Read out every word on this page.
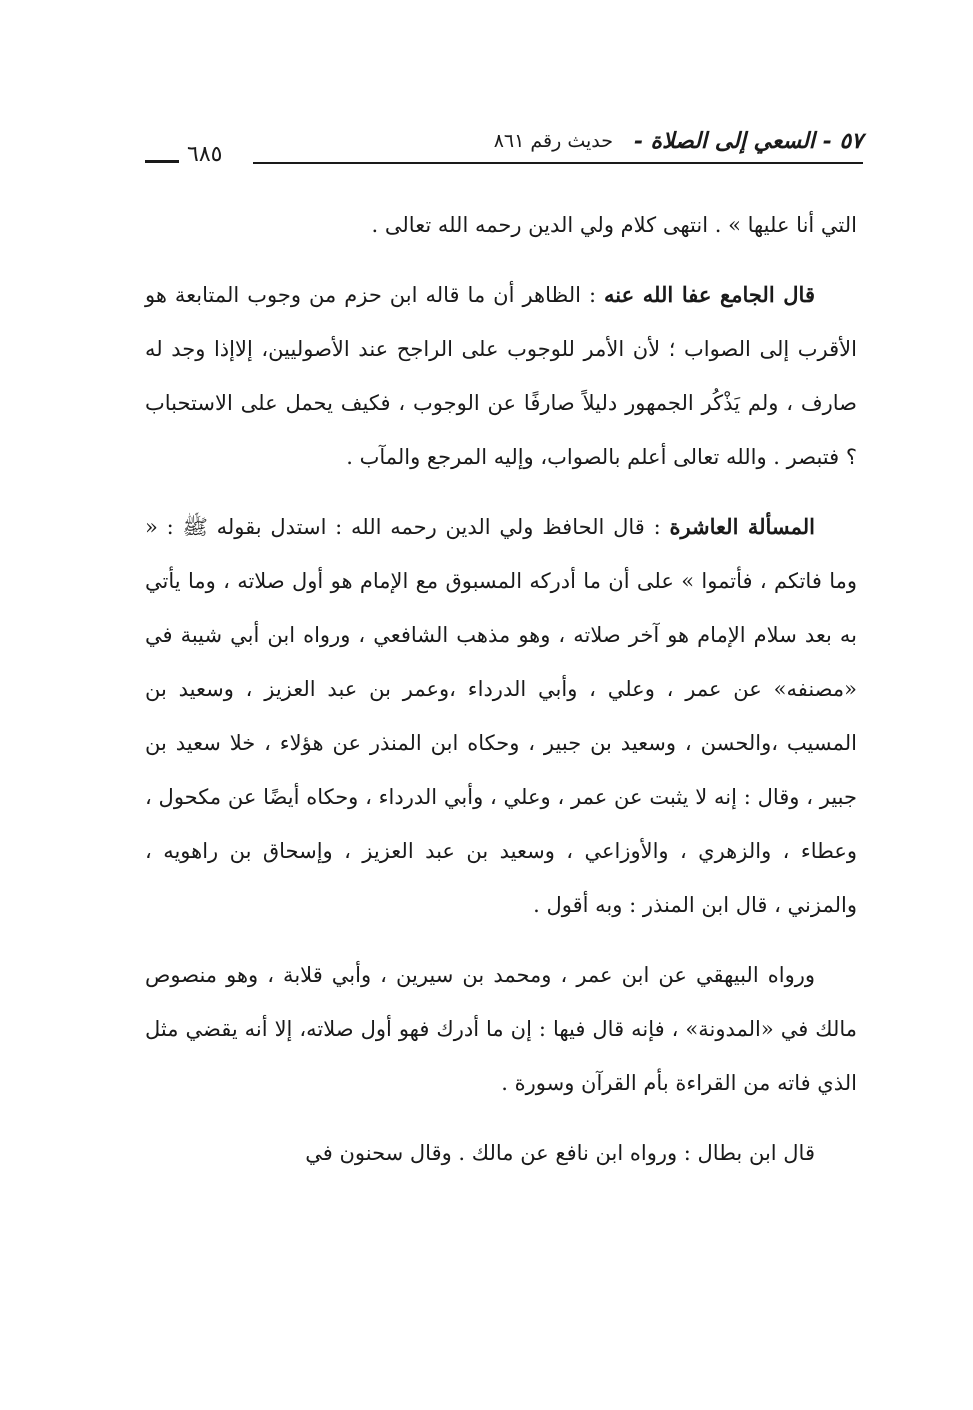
٥٧ - السعي إلى الصلاة -
حديث رقم ٨٦١
٦٨٥

التي أنا عليها » . انتهى كلام ولي الدين رحمه الله تعالى .

قال الجامع عفا الله عنه : الظاهر أن ما قاله ابن حزم من وجوب المتابعة هو الأقرب إلى الصواب ؛ لأن الأمر للوجوب على الراجح عند الأصوليين، إلاإذا وجد له صارف ، ولم يَذْكُر الجمهور دليلاً صارفًا عن الوجوب ، فكيف يحمل على الاستحباب ؟ فتبصر . والله تعالى أعلم بالصواب، وإليه المرجع والمآب .

المسألة العاشرة : قال الحافظ ولي الدين رحمه الله : استدل بقوله ﷺ : « وما فاتكم ، فأتموا » على أن ما أدركه المسبوق مع الإمام هو أول صلاته ، وما يأتي به بعد سلام الإمام هو آخر صلاته ، وهو مذهب الشافعي ، ورواه ابن أبي شيبة في «مصنفه» عن عمر ، وعلي ، وأبي الدرداء ،وعمر بن عبد العزيز ، وسعيد بن المسيب ،والحسن ، وسعيد بن جبير ، وحكاه ابن المنذر عن هؤلاء ، خلا سعيد بن جبير ، وقال : إنه لا يثبت عن عمر ، وعلي ، وأبي الدرداء ، وحكاه أيضًا عن مكحول ، وعطاء ، والزهري ، والأوزاعي ، وسعيد بن عبد العزيز ، وإسحاق بن راهويه ، والمزني ، قال ابن المنذر : وبه أقول .

ورواه البيهقي عن ابن عمر ، ومحمد بن سيرين ، وأبي قلابة ، وهو منصوص مالك في «المدونة» ، فإنه قال فيها : إن ما أدرك فهو أول صلاته، إلا أنه يقضي مثل الذي فاته من القراءة بأم القرآن وسورة .

قال ابن بطال : ورواه ابن نافع عن مالك . وقال سحنون في
